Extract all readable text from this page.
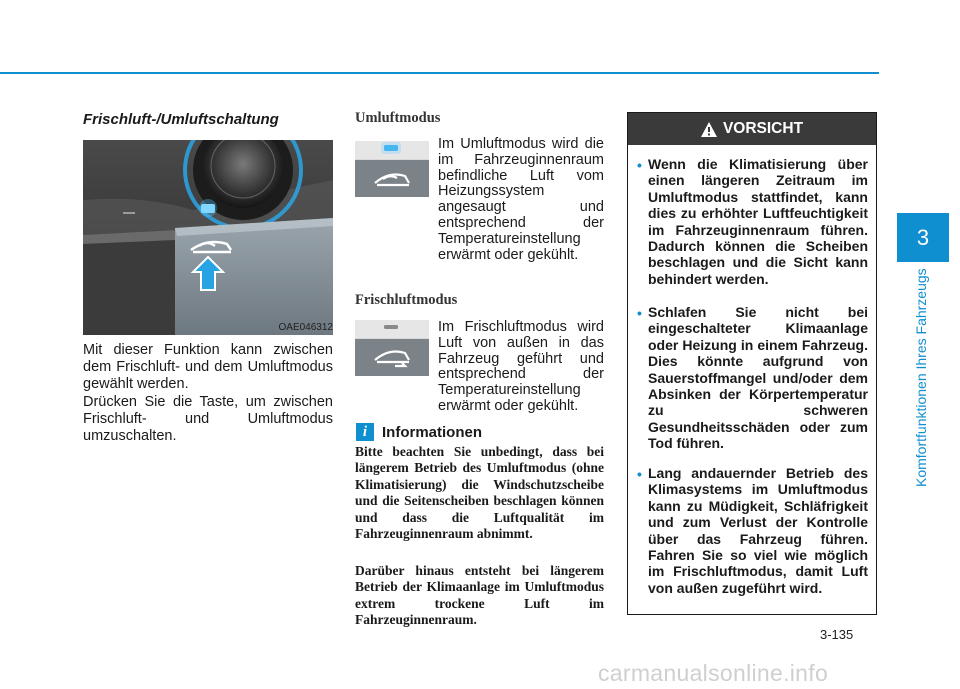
3
Komfortfunktionen Ihres Fahrzeugs
Frischluft-/Umluftschaltung
OAE046312
Mit dieser Funktion kann zwischen dem Frischluft- und dem Umluftmodus gewählt werden.
Drücken Sie die Taste, um zwischen Frischluft- und Umluftmodus umzuschalten.
Umluftmodus
Im Umluftmodus wird die im Fahrzeuginnenraum befindliche Luft vom Heizungssystem angesaugt und entsprechend der Temperatureinstellung erwärmt oder gekühlt.
Frischluftmodus
Im Frischluftmodus wird Luft von außen in das Fahrzeug geführt und entsprechend der Temperatureinstellung erwärmt oder gekühlt.
i Informationen
Bitte beachten Sie unbedingt, dass bei längerem Betrieb des Umluftmodus (ohne Klimatisierung) die Windschutzscheibe und die Seitenscheiben beschlagen können und dass die Luftqualität im Fahrzeuginnenraum abnimmt.
Darüber hinaus entsteht bei längerem Betrieb der Klimaanlage im Umluftmodus extrem trockene Luft im Fahrzeuginnenraum.
VORSICHT
• Wenn die Klimatisierung über einen längeren Zeitraum im Umluftmodus stattfindet, kann dies zu erhöhter Luftfeuchtigkeit im Fahrzeuginnenraum führen. Dadurch können die Scheiben beschlagen und die Sicht kann behindert werden.
• Schlafen Sie nicht bei eingeschalteter Klimaanlage oder Heizung in einem Fahrzeug. Dies könnte aufgrund von Sauerstoffmangel und/oder dem Absinken der Körpertemperatur zu schweren Gesundheitsschäden oder zum Tod führen.
• Lang andauernder Betrieb des Klimasystems im Umluftmodus kann zu Müdigkeit, Schläfrigkeit und zum Verlust der Kontrolle über das Fahrzeug führen. Fahren Sie so viel wie möglich im Frischluftmodus, damit Luft von außen zugeführt wird.
3-135
carmanualsonline.info
